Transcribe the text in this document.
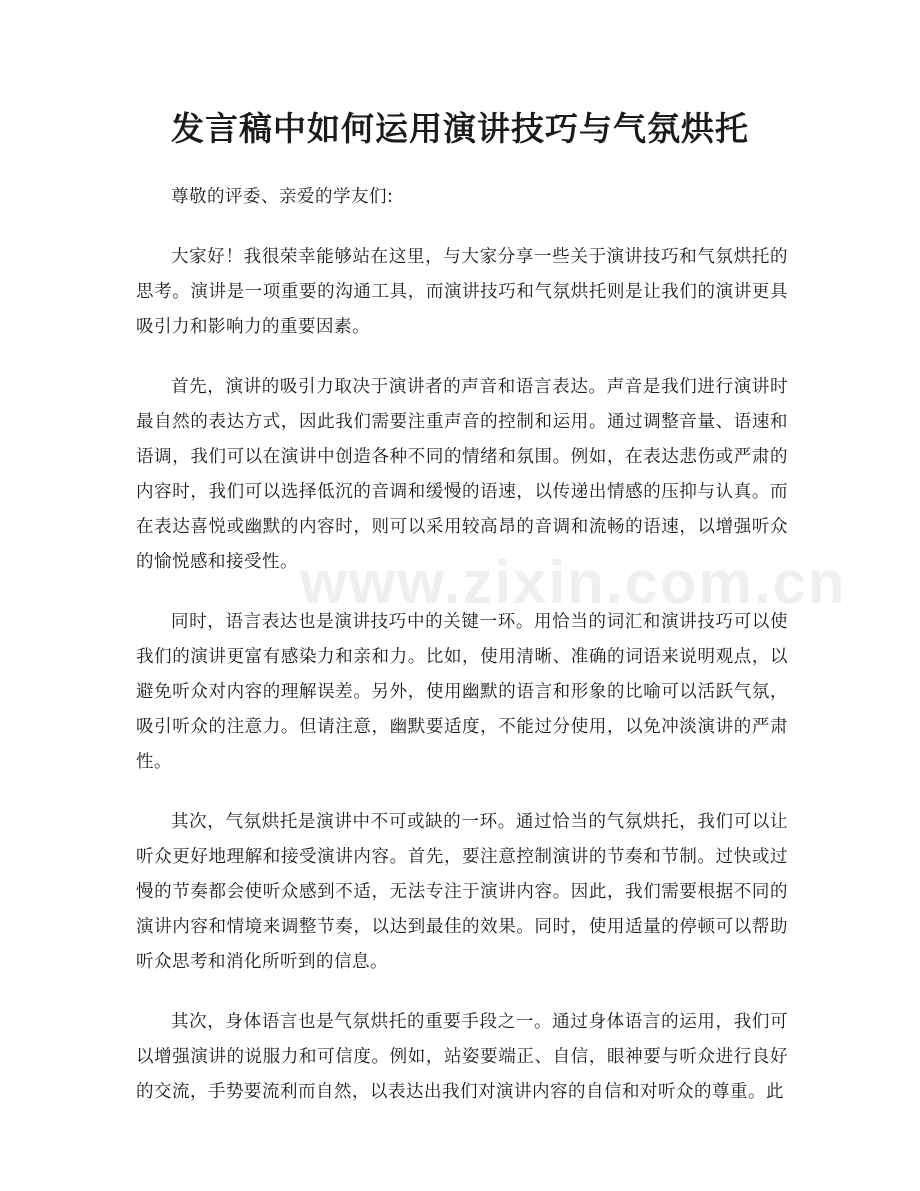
发言稿中如何运用演讲技巧与气氛烘托

尊敬的评委、亲爱的学友们:

大家好！我很荣幸能够站在这里，与大家分享一些关于演讲技巧和气氛烘托的思考。演讲是一项重要的沟通工具，而演讲技巧和气氛烘托则是让我们的演讲更具吸引力和影响力的重要因素。

首先，演讲的吸引力取决于演讲者的声音和语言表达。声音是我们进行演讲时最自然的表达方式，因此我们需要注重声音的控制和运用。通过调整音量、语速和语调，我们可以在演讲中创造各种不同的情绪和氛围。例如，在表达悲伤或严肃的内容时，我们可以选择低沉的音调和缓慢的语速，以传递出情感的压抑与认真。而在表达喜悦或幽默的内容时，则可以采用较高昂的音调和流畅的语速，以增强听众的愉悦感和接受性。

同时，语言表达也是演讲技巧中的关键一环。用恰当的词汇和演讲技巧可以使我们的演讲更富有感染力和亲和力。比如，使用清晰、准确的词语来说明观点，以避免听众对内容的理解误差。另外，使用幽默的语言和形象的比喻可以活跃气氛，吸引听众的注意力。但请注意，幽默要适度，不能过分使用，以免冲淡演讲的严肃性。

其次，气氛烘托是演讲中不可或缺的一环。通过恰当的气氛烘托，我们可以让听众更好地理解和接受演讲内容。首先，要注意控制演讲的节奏和节制。过快或过慢的节奏都会使听众感到不适，无法专注于演讲内容。因此，我们需要根据不同的演讲内容和情境来调整节奏，以达到最佳的效果。同时，使用适量的停顿可以帮助听众思考和消化所听到的信息。

其次，身体语言也是气氛烘托的重要手段之一。通过身体语言的运用，我们可以增强演讲的说服力和可信度。例如，站姿要端正、自信，眼神要与听众进行良好的交流，手势要流利而自然，以表达出我们对演讲内容的自信和对听众的尊重。此

www.zixin.com.cn
